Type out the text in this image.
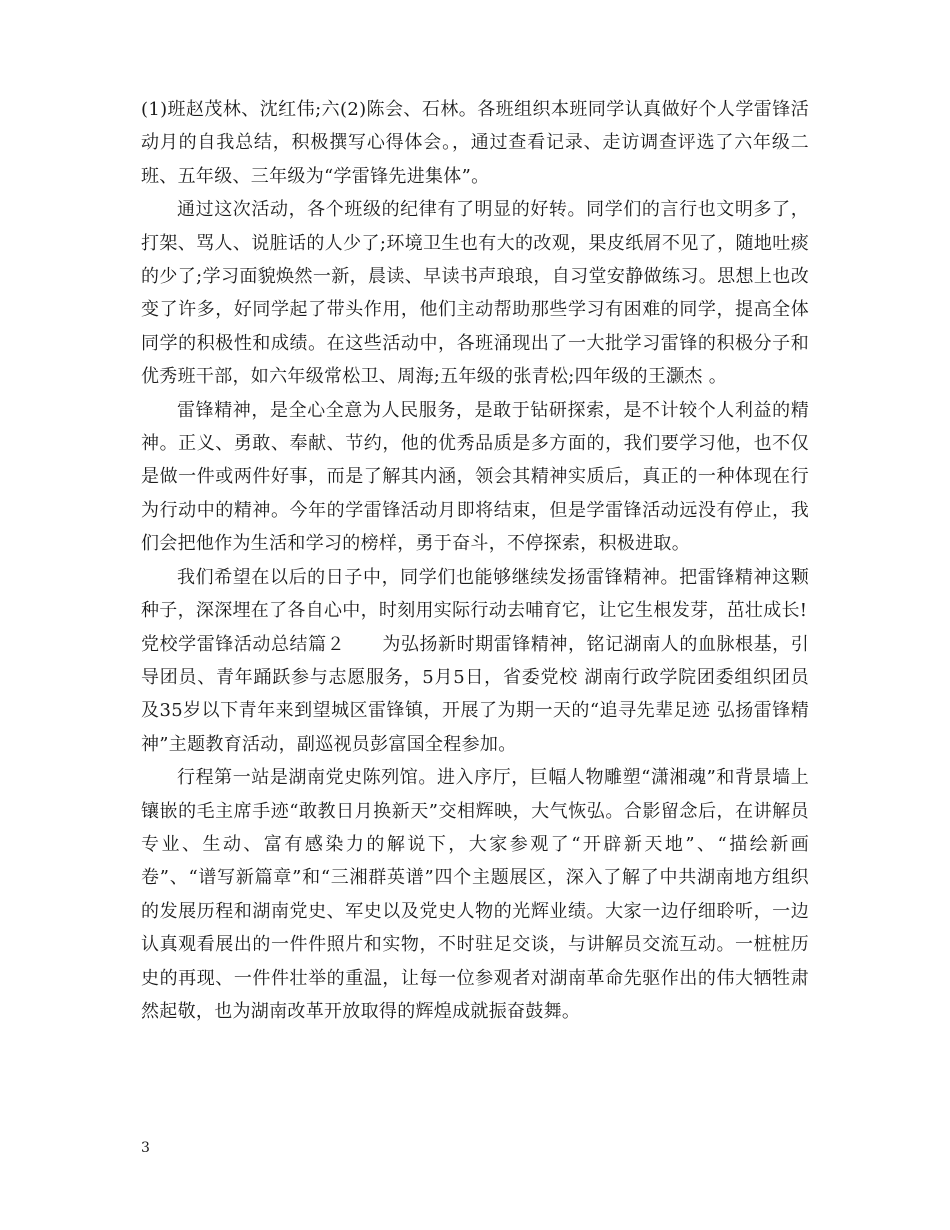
(1)班赵茂林、沈红伟;六(2)陈会、石林。各班组织本班同学认真做好个人学雷锋活动月的自我总结，积极撰写心得体会。，通过查看记录、走访调查评选了六年级二班、五年级、三年级为“学雷锋先进集体”。

通过这次活动，各个班级的纪律有了明显的好转。同学们的言行也文明多了，打架、骂人、说脏话的人少了;环境卫生也有大的改观，果皮纸屑不见了，随地吐痰的少了;学习面貌焕然一新，晨读、早读书声琅琅，自习堂安静做练习。思想上也改变了许多，好同学起了带头作用，他们主动帮助那些学习有困难的同学，提高全体同学的积极性和成绩。在这些活动中，各班涌现出了一大批学习雷锋的积极分子和优秀班干部，如六年级常松卫、周海;五年级的张青松;四年级的王灏杰 。

雷锋精神，是全心全意为人民服务，是敢于钻研探索，是不计较个人利益的精神。正义、勇敢、奉献、节约，他的优秀品质是多方面的，我们要学习他，也不仅是做一件或两件好事，而是了解其内涵，领会其精神实质后，真正的一种体现在行为行动中的精神。今年的学雷锋活动月即将结束，但是学雷锋活动远没有停止，我们会把他作为生活和学习的榜样，勇于奋斗，不停探索，积极进取。

我们希望在以后的日子中，同学们也能够继续发扬雷锋精神。把雷锋精神这颗种子，深深埋在了各自心中，时刻用实际行动去哺育它，让它生根发芽，茁壮成长!

党校学雷锋活动总结篇２　　为弘扬新时期雷锋精神，铭记湖南人的血脉根基，引导团员、青年踊跃参与志愿服务，5月5日，省委党校 湖南行政学院团委组织团员及35岁以下青年来到望城区雷锋镇，开展了为期一天的“追寻先辈足迹 弘扬雷锋精神”主题教育活动，副巡视员彭富国全程参加。

行程第一站是湖南党史陈列馆。进入序厅，巨幅人物雕塑“潇湘魂”和背景墙上镶嵌的毛主席手迹“敢教日月换新天”交相辉映，大气恢弘。合影留念后，在讲解员专业、生动、富有感染力的解说下，大家参观了“开辟新天地”、“描绘新画卷”、“谱写新篇章”和“三湘群英谱”四个主题展区，深入了解了中共湖南地方组织的发展历程和湖南党史、军史以及党史人物的光辉业绩。大家一边仔细聆听，一边认真观看展出的一件件照片和实物，不时驻足交谈，与讲解员交流互动。一桩桩历史的再现、一件件壮举的重温，让每一位参观者对湖南革命先驱作出的伟大牺牲肃然起敬，也为湖南改革开放取得的辉煌成就振奋鼓舞。

3
